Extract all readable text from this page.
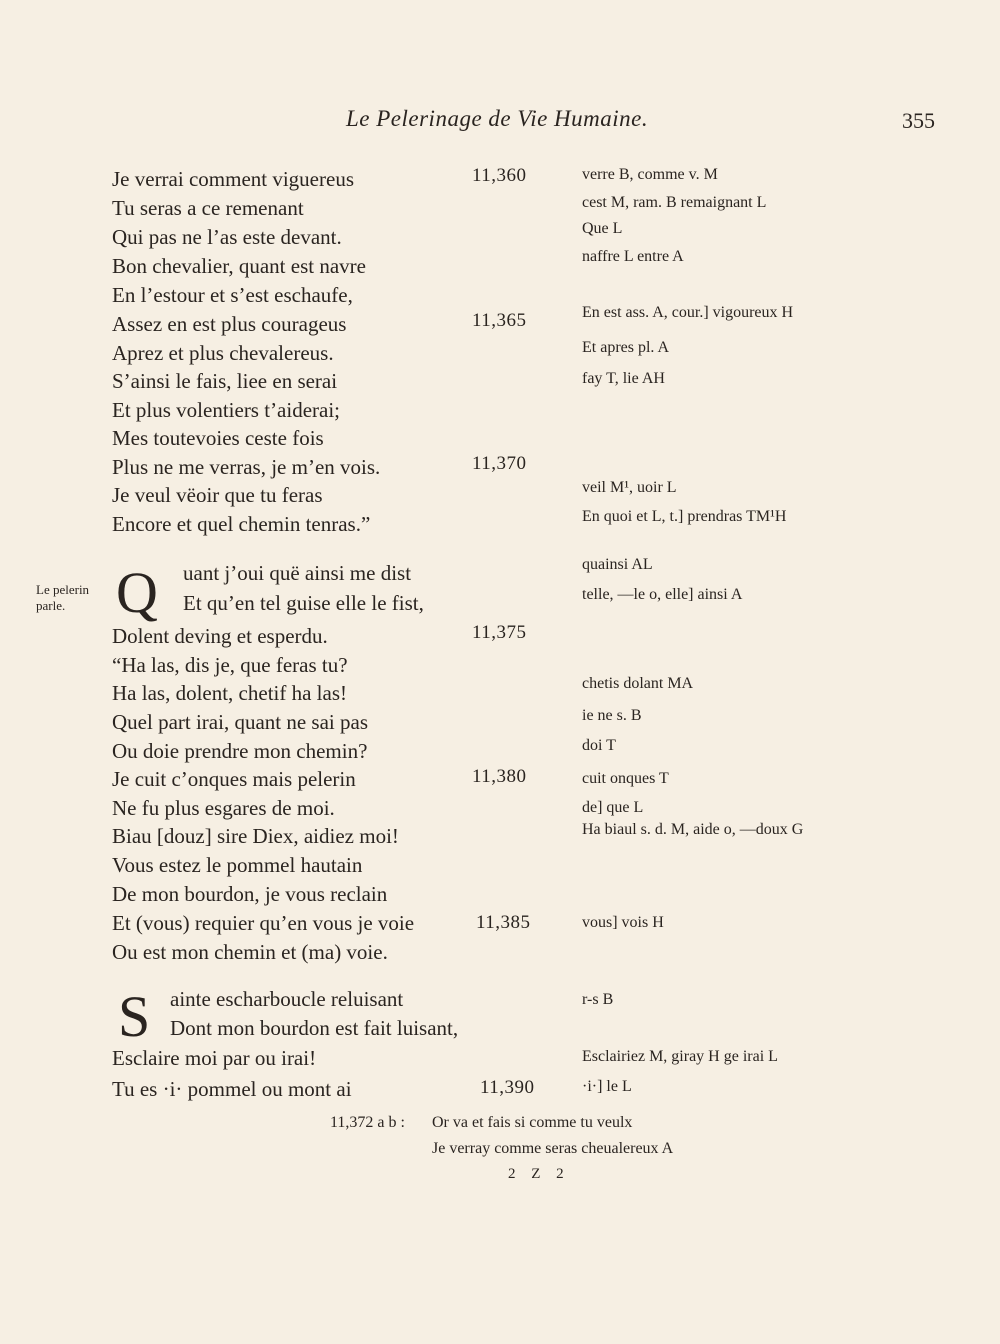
Le Pelerinage de Vie Humaine.	355
Le pelerin
parle.
Je verrai comment viguereus
Tu seras a ce remenant
Qui pas ne l’as este devant.
Bon chevalier, quant est navre
En l’estour et s’est eschaufe,
Assez en est plus courageus
Aprez et plus chevalereus.
S’ainsi le fais, liee en serai
Et plus volentiers t’aiderai;
Mes toutevoies ceste fois
Plus ne me verras, je m’en vois.
Je veul vëoir que tu feras
Encore et quel chemin tenras.”
Q uant j’oui quë ainsi me dist
Et qu’en tel guise elle le fist,
Dolent deving et esperdu.
“Ha las, dis je, que feras tu?
Ha las, dolent, chetif ha las!
Quel part irai, quant ne sai pas
Ou doie prendre mon chemin?
Je cuit c’onques mais pelerin
Ne fu plus esgares de moi.
Biau [douz] sire Diex, aidiez moi!
Vous estez le pommel hautain
De mon bourdon, je vous reclain
Et (vous) requier qu’en vous je voie
Ou est mon chemin et (ma) voie.
S ainte escharboucle reluisant
Dont mon bourdon est fait luisant,
Esclaire moi par ou irai!
Tu es ·i· pommel ou mont ai
11,360
11,365
11,370
11,375
11,380
11,385
11,390
verre B, comme v. M
cest M, ram. B remaignant L
Que L
naffre L entre A
En est ass. A, cour.] vigoureux H
Et apres pl. A
fay T, lie AH
veil M¹, uoir L
En quoi et L, t.] prendras TM¹H
quainsi AL
telle, —le o, elle] ainsi A
chetis dolant MA
ie ne s. B
doi T
cuit onques T
de] que L
Ha biaul s. d. M, aide o, —doux G
vous] vois H
r-s B
Esclairiez M, giray H ge irai L
·i·] le L
11,372 a b : Or va et fais si comme tu veulx
Je verray comme seras cheualereux A
2 Z 2
